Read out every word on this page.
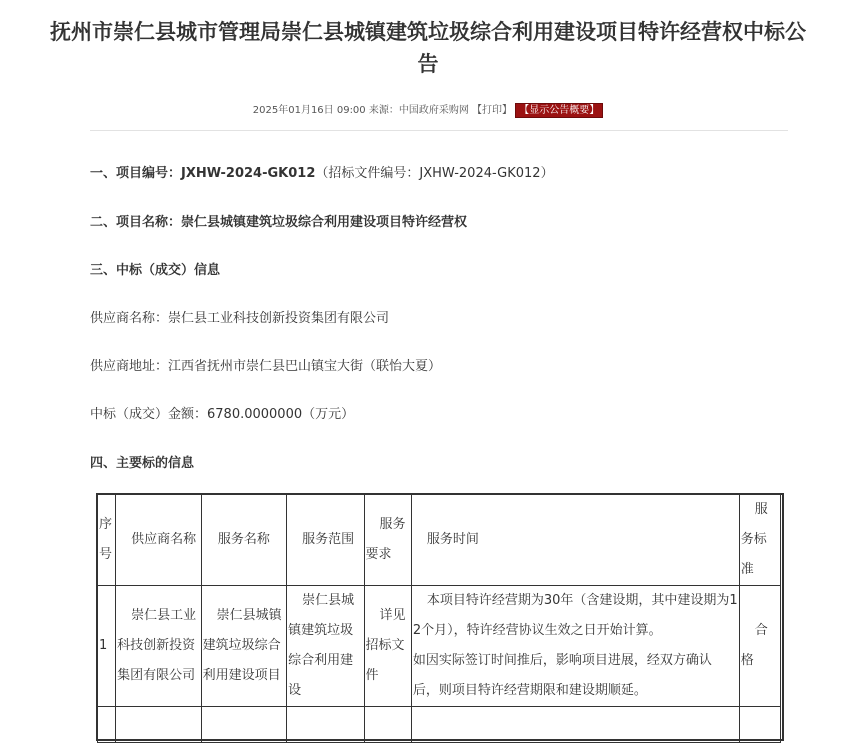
抚州市崇仁县城市管理局崇仁县城镇建筑垃圾综合利用建设项目特许经营权中标公
告
2025年01月16日 09:00 来源：中国政府采购网 【打印】 【显示公告概要】
一、项目编号：JXHW-2024-GK012（招标文件编号：JXHW-2024-GK012）
二、项目名称：崇仁县城镇建筑垃圾综合利用建设项目特许经营权
三、中标（成交）信息
供应商名称：崇仁县工业科技创新投资集团有限公司
供应商地址：江西省抚州市崇仁县巴山镇宝大街（联怡大夏）
中标（成交）金额：6780.0000000（万元）
四、主要标的信息
序号	供应商名称	服务名称	服务范围	服务要求	服务时间	服务标准
1	崇仁县工业科技创新投资集团有限公司	崇仁县城镇建筑垃圾综合利用建设项目	崇仁县城镇建筑垃圾综合利用建设	详见招标文件	本项目特许经营期为30年（含建设期，其中建设期为12个月），特许经营协议生效之日开始计算。
如因实际签订时间推后，影响项目进展，经双方确认后，则项目特许经营期限和建设期顺延。	合格
